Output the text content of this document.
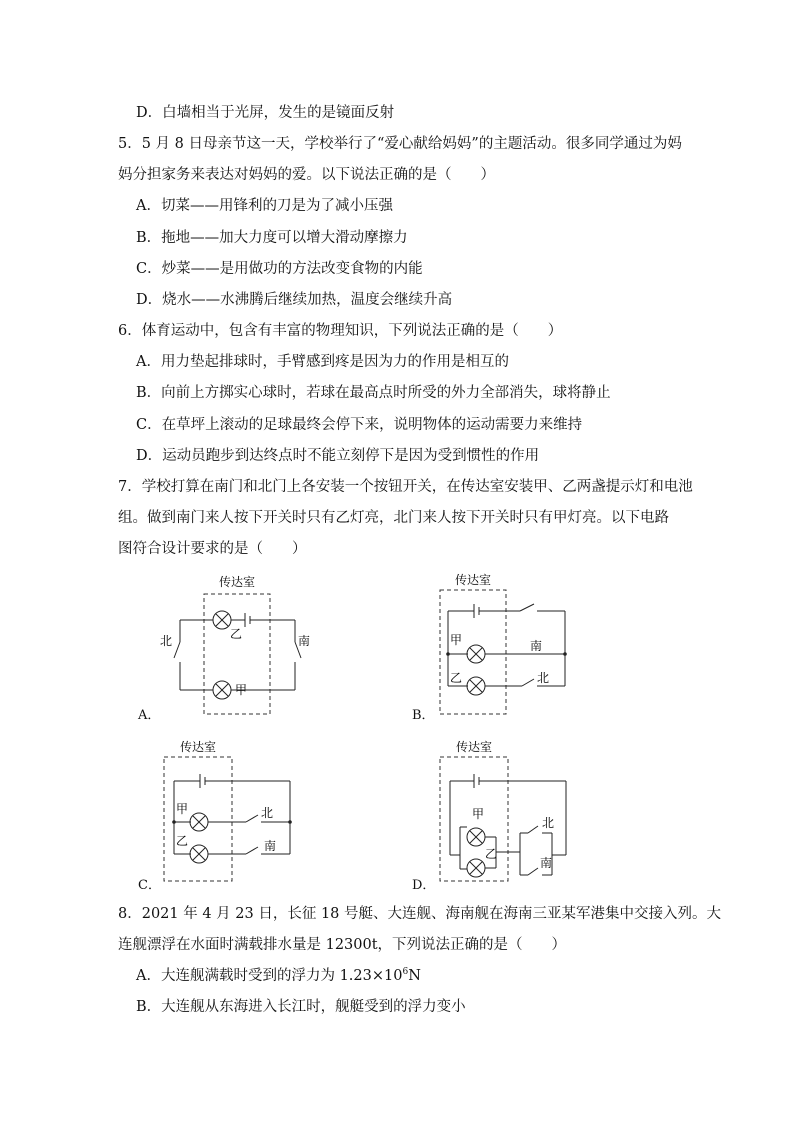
D．白墙相当于光屏，发生的是镜面反射
5．5 月 8 日母亲节这一天，学校举行了“爱心献给妈妈”的主题活动。很多同学通过为妈
妈分担家务来表达对妈妈的爱。以下说法正确的是（　　）
A．切菜——用锋利的刀是为了减小压强
B．拖地——加大力度可以增大滑动摩擦力
C．炒菜——是用做功的方法改变食物的内能
D．烧水——水沸腾后继续加热，温度会继续升高
6．体育运动中，包含有丰富的物理知识，下列说法正确的是（　　）
A．用力垫起排球时，手臂感到疼是因为力的作用是相互的
B．向前上方掷实心球时，若球在最高点时所受的外力全部消失，球将静止
C．在草坪上滚动的足球最终会停下来，说明物体的运动需要力来维持
D．运动员跑步到达终点时不能立刻停下是因为受到惯性的作用
7．学校打算在南门和北门上各安装一个按钮开关，在传达室安装甲、乙两盏提示灯和电池
组。做到南门来人按下开关时只有乙灯亮，北门来人按下开关时只有甲灯亮。以下电路
图符合设计要求的是（　　）
传达室
乙
北	南
甲
A．
传达室
甲	南
乙	北
B．
传达室
甲	北
乙	南
C．
传达室
甲
乙
北
南
D．
8．2021 年 4 月 23 日，长征 18 号艇、大连舰、海南舰在海南三亚某军港集中交接入列。大
连舰漂浮在水面时满载排水量是 12300t，下列说法正确的是（　　）
A．大连舰满载时受到的浮力为 $1.23\times 10^6N$
B．大连舰从东海进入长江时，舰艇受到的浮力变小
